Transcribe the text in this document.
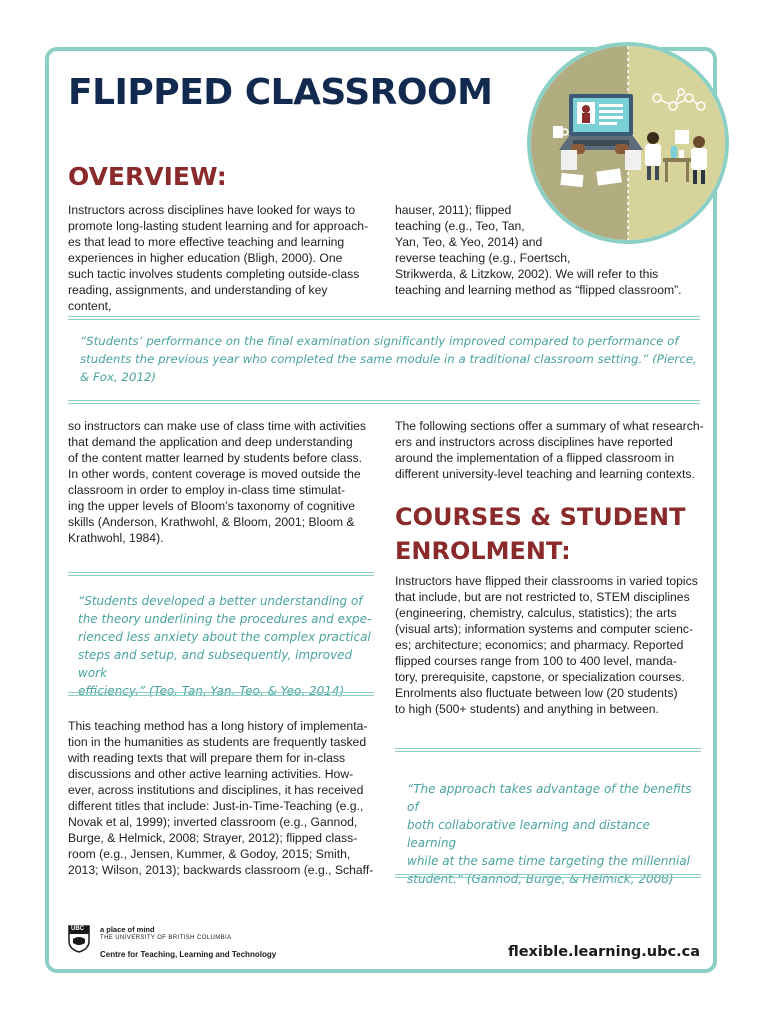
FLIPPED CLASSROOM
OVERVIEW:

Instructors across disciplines have looked for ways to
promote long-lasting student learning and for approach-
es that lead to more effective teaching and learning
experiences in higher education (Bligh, 2000). One
such tactic involves students completing outside-class
reading, assignments, and understanding of key content,

hauser, 2011); flipped
teaching (e.g., Teo, Tan,
Yan, Teo, & Yeo, 2014) and
reverse teaching (e.g., Foertsch,
Strikwerda, & Litzkow, 2002). We will refer to this
teaching and learning method as “flipped classroom”.

“Students’ performance on the final examination significantly improved compared to performance of
students the previous year who completed the same module in a traditional classroom setting.” (Pierce,
& Fox, 2012)

so instructors can make use of class time with activities
that demand the application and deep understanding
of the content matter learned by students before class.
In other words, content coverage is moved outside the
classroom in order to employ in-class time stimulat-
ing the upper levels of Bloom’s taxonomy of cognitive
skills (Anderson, Krathwohl, & Bloom, 2001; Bloom &
Krathwohl, 1984).

“Students developed a better understanding of
the theory underlining the procedures and expe-
rienced less anxiety about the complex practical
steps and setup, and subsequently, improved work
efficiency.” (Teo, Tan, Yan, Teo, & Yeo, 2014)

This teaching method has a long history of implementa-
tion in the humanities as students are frequently tasked
with reading texts that will prepare them for in-class
discussions and other active learning activities. How-
ever, across institutions and disciplines, it has received
different titles that include: Just-in-Time-Teaching (e.g.,
Novak et al, 1999); inverted classroom (e.g., Gannod,
Burge, & Helmick, 2008; Strayer, 2012); flipped class-
room (e.g., Jensen, Kummer, & Godoy, 2015; Smith,
2013; Wilson, 2013); backwards classroom (e.g., Schaff-

The following sections offer a summary of what research-
ers and instructors across disciplines have reported
around the implementation of a flipped classroom in
different university-level teaching and learning contexts.

COURSES & STUDENT ENROLMENT:

Instructors have flipped their classrooms in varied topics
that include, but are not restricted to, STEM disciplines
(engineering, chemistry, calculus, statistics); the arts
(visual arts); information systems and computer scienc-
es; architecture; economics; and pharmacy. Reported
flipped courses range from 100 to 400 level, manda-
tory, prerequisite, capstone, or specialization courses.
Enrolments also fluctuate between low (20 students)
to high (500+ students) and anything in between.

“The approach takes advantage of the benefits of
both collaborative learning and distance learning
while at the same time targeting the millennial
student.” (Gannod, Burge, & Helmick, 2008)

UBC a place of mind

THE UNIVERSITY OF BRITISH COLUMBIA

Centre for Teaching, Learning and Technology	flexible.learning.ubc.ca
